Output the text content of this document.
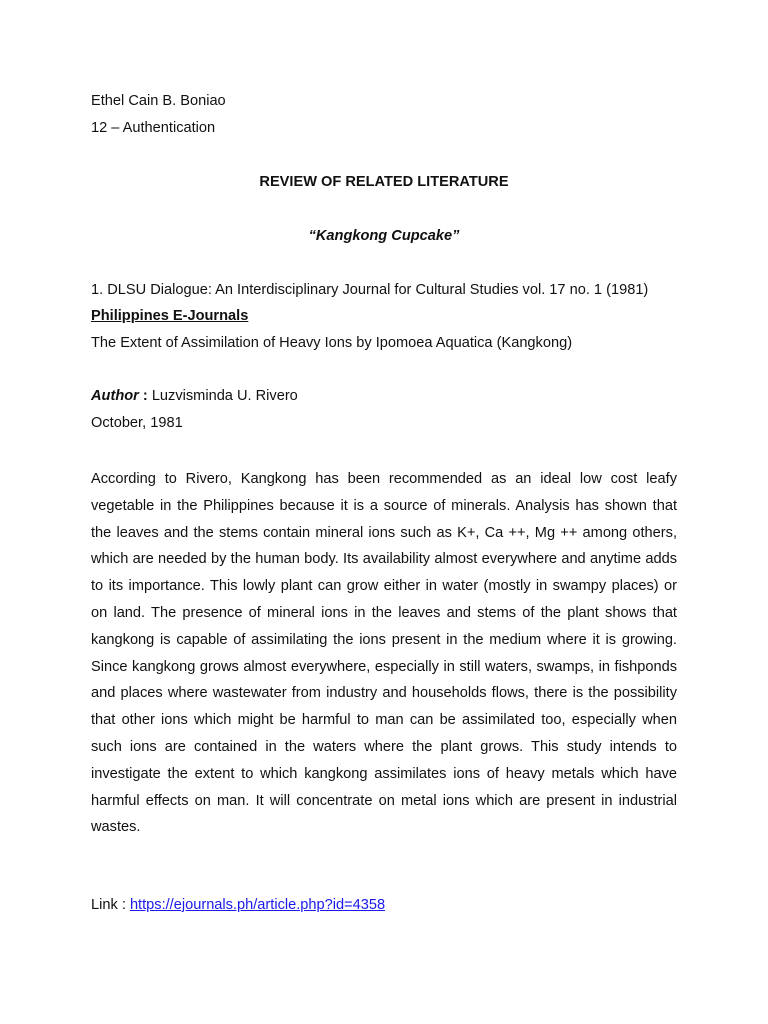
Ethel Cain B. Boniao
12 – Authentication
REVIEW OF RELATED LITERATURE
“Kangkong Cupcake”
1. DLSU Dialogue: An Interdisciplinary Journal for Cultural Studies vol. 17 no. 1 (1981)
Philippines E-Journals
The Extent of Assimilation of Heavy Ions by Ipomoea Aquatica (Kangkong)
Author : Luzvisminda U. Rivero
October, 1981

According to Rivero, Kangkong has been recommended as an ideal low cost leafy vegetable in the Philippines because it is a source of minerals. Analysis has shown that the leaves and the stems contain mineral ions such as K+, Ca ++, Mg ++ among others, which are needed by the human body. Its availability almost everywhere and anytime adds to its importance. This lowly plant can grow either in water (mostly in swampy places) or on land. The presence of mineral ions in the leaves and stems of the plant shows that kangkong is capable of assimilating the ions present in the medium where it is growing. Since kangkong grows almost everywhere, especially in still waters, swamps, in fishponds and places where wastewater from industry and households flows, there is the possibility that other ions which might be harmful to man can be assimilated too, especially when such ions are contained in the waters where the plant grows. This study intends to investigate the extent to which kangkong assimilates ions of heavy metals which have harmful effects on man. It will concentrate on metal ions which are present in industrial wastes.

Link : https://ejournals.ph/article.php?id=4358
